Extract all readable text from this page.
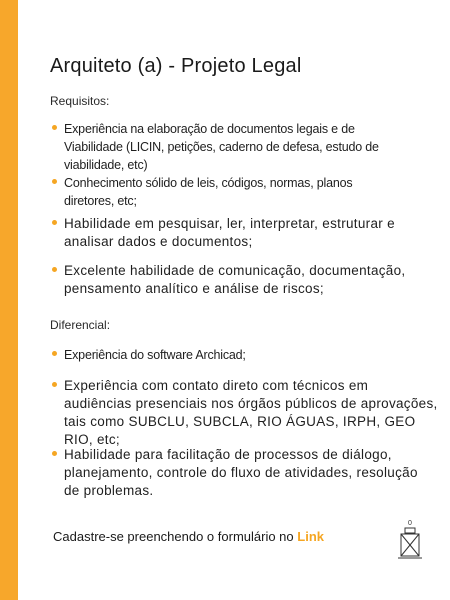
Arquiteto (a) - Projeto Legal
Requisitos:
Experiência na elaboração de documentos legais e de Viabilidade (LICIN, petições, caderno de defesa, estudo de viabilidade, etc)
Conhecimento sólido de leis, códigos, normas, planos diretores, etc;
Habilidade em pesquisar, ler, interpretar, estruturar e analisar dados e documentos;
Excelente habilidade de comunicação, documentação, pensamento analítico e análise de riscos;
Diferencial:
Experiência do software Archicad;
Experiência com contato direto com técnicos em audiências presenciais nos órgãos públicos de aprovações, tais como SUBCLU, SUBCLA, RIO ÁGUAS, IRPH, GEO RIO, etc;
Habilidade para facilitação de processos de diálogo, planejamento, controle do fluxo de atividades, resolução de problemas.
Cadastre-se preenchendo o formulário no Link
0
